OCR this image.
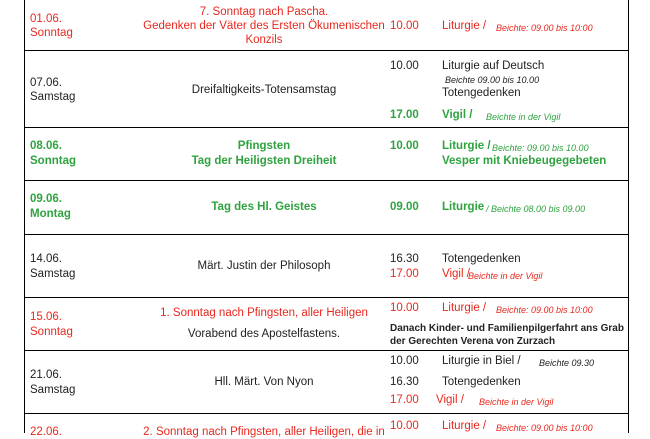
01.06.
Sonntag
7. Sonntag nach Pascha.
Gedenken der Väter des Ersten Ökumenischen
Konzils
10.00 Liturgie / Beichte: 09.00 bis 10:00
07.06.
Samstag
Dreifaltigkeits-Totensamstag
10.00 Liturgie auf Deutsch
Beichte 09.00 bis 10.00
Totengedenken
17.00 Vigil / Beichte in der Vigil
08.06.
Sonntag
Pfingsten
Tag der Heiligsten Dreiheit
10.00 Liturgie / Beichte: 09.00 bis 10.00
Vesper mit Kniebeugegebeten
09.06.
Montag
Tag des Hl. Geistes	09.00 Liturgie / Beichte 08.00 bis 09.00
14.06.
Samstag
Märt. Justin der Philosoph
16.30 Totengedenken
17.00 Vigil /
Beichte in der Vigil
15.06.
Sonntag
1. Sonntag nach Pfingsten, aller Heiligen
Vorabend des Apostelfastens.
10.00 Liturgie / Beichte: 09.00 bis 10:00
Danach Kinder- und Familienpilgerfahrt ans Grab
der Gerechten Verena von Zurzach
21.06.
Samstag
Hll. Märt. Von Nyon
10.00 Liturgie in Biel / Beichte 09.30
16.30 Totengedenken
17.00 Vigil / Beichte in der Vigil
22.06.	2. Sonntag nach Pfingsten, aller Heiligen, die in 10.00 Liturgie / Beichte: 09.00 bis 10:00
